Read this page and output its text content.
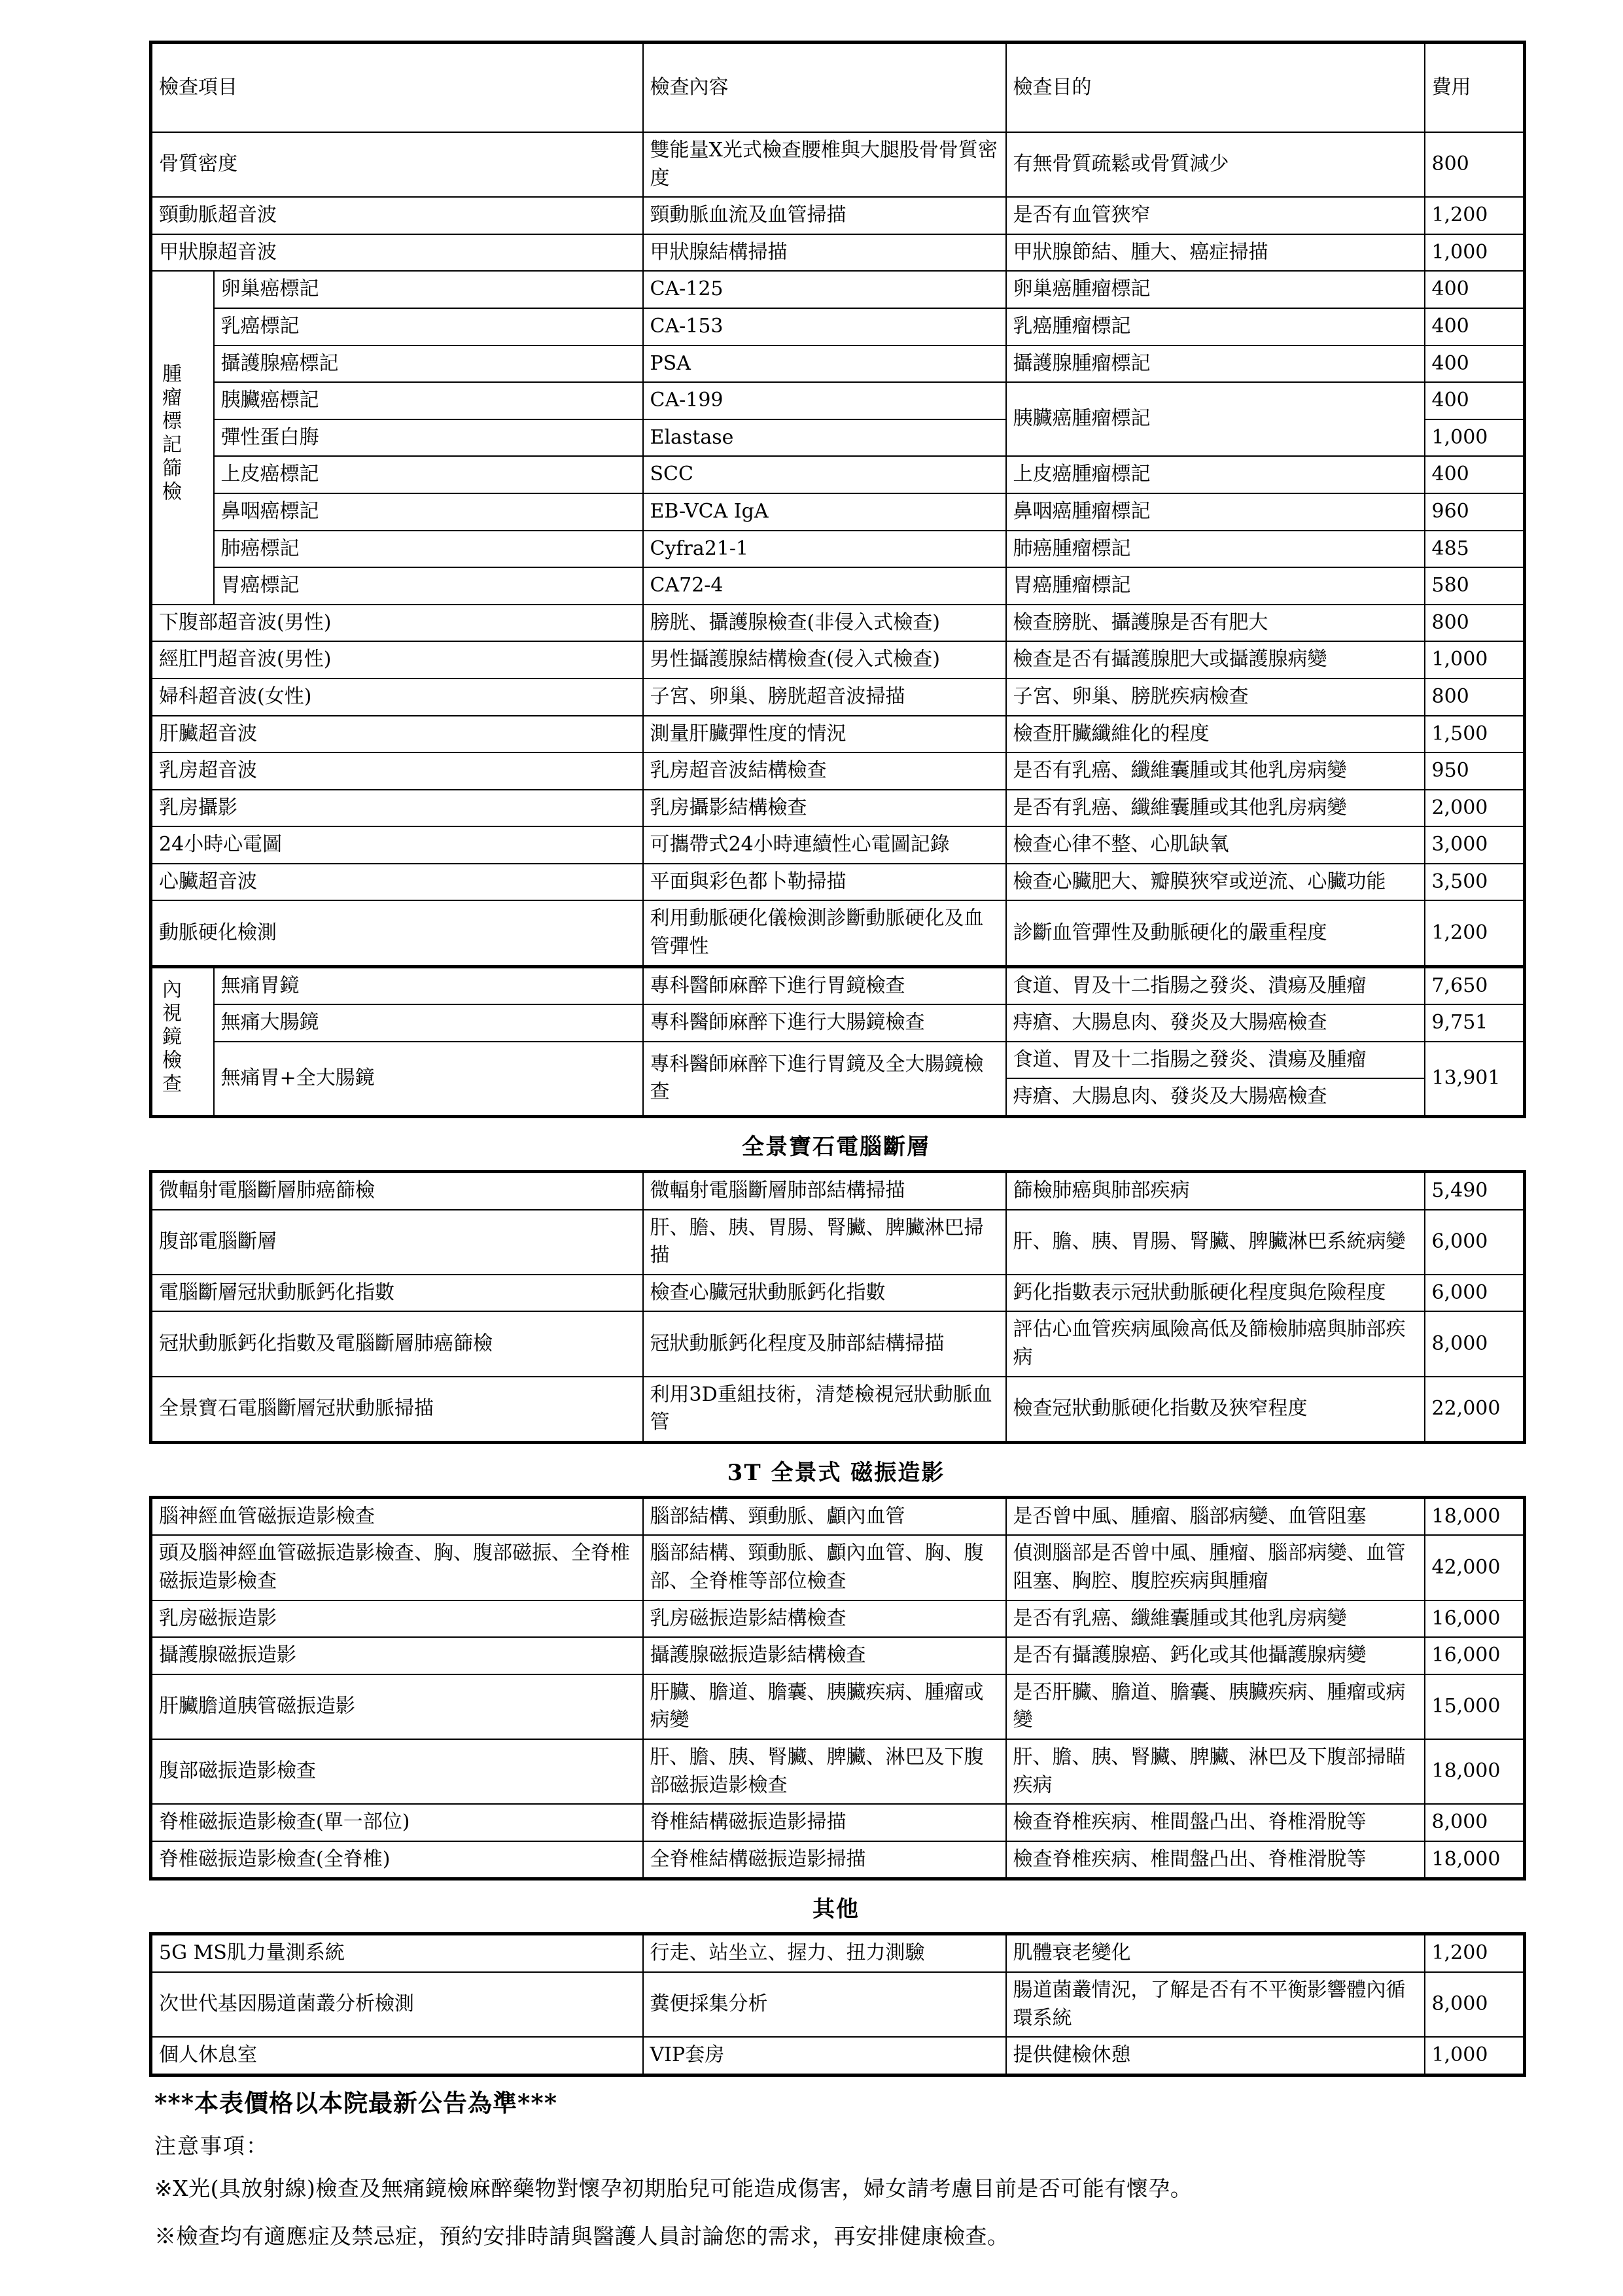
檢查項目		檢查內容	檢查目的	費用
骨質密度		雙能量X光式檢查腰椎與大腿股骨骨質密度	有無骨質疏鬆或骨質減少	800
頸動脈超音波		頸動脈血流及血管掃描	是否有血管狹窄	1,200
甲狀腺超音波		甲狀腺結構掃描	甲狀腺節結、腫大、癌症掃描	1,000
腫瘤標記篩檢	卵巢癌標記	CA-125	卵巢癌腫瘤標記	400
	乳癌標記	CA-153	乳癌腫瘤標記	400
	攝護腺癌標記	PSA	攝護腺腫瘤標記	400
	胰臟癌標記	CA-199	胰臟癌腫瘤標記	400
	彈性蛋白脢	Elastase		1,000
	上皮癌標記	SCC	上皮癌腫瘤標記	400
	鼻咽癌標記	EB-VCA IgA	鼻咽癌腫瘤標記	960
	肺癌標記	Cyfra21-1	肺癌腫瘤標記	485
	胃癌標記	CA72-4	胃癌腫瘤標記	580
下腹部超音波(男性)		膀胱、攝護腺檢查(非侵入式檢查)	檢查膀胱、攝護腺是否有肥大	800
經肛門超音波(男性)		男性攝護腺結構檢查(侵入式檢查)	檢查是否有攝護腺肥大或攝護腺病變	1,000
婦科超音波(女性)		子宮、卵巢、膀胱超音波掃描	子宮、卵巢、膀胱疾病檢查	800
肝臟超音波		測量肝臟彈性度的情況	檢查肝臟纖維化的程度	1,500
乳房超音波		乳房超音波結構檢查	是否有乳癌、纖維囊腫或其他乳房病變	950
乳房攝影		乳房攝影結構檢查	是否有乳癌、纖維囊腫或其他乳房病變	2,000
24小時心電圖		可攜帶式24小時連續性心電圖記錄	檢查心律不整、心肌缺氧	3,000
心臟超音波		平面與彩色都卜勒掃描	檢查心臟肥大、瓣膜狹窄或逆流、心臟功能	3,500
動脈硬化檢測		利用動脈硬化儀檢測診斷動脈硬化及血管彈性	診斷血管彈性及動脈硬化的嚴重程度	1,200
內視鏡檢查	無痛胃鏡	專科醫師麻醉下進行胃鏡檢查	食道、胃及十二指腸之發炎、潰瘍及腫瘤	7,650
	無痛大腸鏡	專科醫師麻醉下進行大腸鏡檢查	痔瘡、大腸息肉、發炎及大腸癌檢查	9,751
	無痛胃+全大腸鏡	專科醫師麻醉下進行胃鏡及全大腸鏡檢查	食道、胃及十二指腸之發炎、潰瘍及腫瘤	13,901
			痔瘡、大腸息肉、發炎及大腸癌檢查	
全景寶石電腦斷層
微輻射電腦斷層肺癌篩檢	微輻射電腦斷層肺部結構掃描	篩檢肺癌與肺部疾病	5,490
腹部電腦斷層	肝、膽、胰、胃腸、腎臟、脾臟淋巴掃描	肝、膽、胰、胃腸、腎臟、脾臟淋巴系統病變	6,000
電腦斷層冠狀動脈鈣化指數	檢查心臟冠狀動脈鈣化指數	鈣化指數表示冠狀動脈硬化程度與危險程度	6,000
冠狀動脈鈣化指數及電腦斷層肺癌篩檢	冠狀動脈鈣化程度及肺部結構掃描	評估心血管疾病風險高低及篩檢肺癌與肺部疾病	8,000
全景寶石電腦斷層冠狀動脈掃描	利用3D重組技術，清楚檢視冠狀動脈血管	檢查冠狀動脈硬化指數及狹窄程度	22,000
3T 全景式 磁振造影
腦神經血管磁振造影檢查	腦部結構、頸動脈、顱內血管	是否曾中風、腫瘤、腦部病變、血管阻塞	18,000
頭及腦神經血管磁振造影檢查、胸、腹部磁振、全脊椎磁振造影檢查	腦部結構、頸動脈、顱內血管、胸、腹部、全脊椎等部位檢查	偵測腦部是否曾中風、腫瘤、腦部病變、血管阻塞、胸腔、腹腔疾病與腫瘤	42,000
乳房磁振造影	乳房磁振造影結構檢查	是否有乳癌、纖維囊腫或其他乳房病變	16,000
攝護腺磁振造影	攝護腺磁振造影結構檢查	是否有攝護腺癌、鈣化或其他攝護腺病變	16,000
肝臟膽道胰管磁振造影	肝臟、膽道、膽囊、胰臟疾病、腫瘤或病變	是否肝臟、膽道、膽囊、胰臟疾病、腫瘤或病變	15,000
腹部磁振造影檢查	肝、膽、胰、腎臟、脾臟、淋巴及下腹部磁振造影檢查	肝、膽、胰、腎臟、脾臟、淋巴及下腹部掃瞄疾病	18,000
脊椎磁振造影檢查(單一部位)	脊椎結構磁振造影掃描	檢查脊椎疾病、椎間盤凸出、脊椎滑脫等	8,000
脊椎磁振造影檢查(全脊椎)	全脊椎結構磁振造影掃描	檢查脊椎疾病、椎間盤凸出、脊椎滑脫等	18,000
其他
5G MS肌力量測系統	行走、站坐立、握力、扭力測驗	肌體衰老變化	1,200
次世代基因腸道菌叢分析檢測	糞便採集分析	腸道菌叢情況，了解是否有不平衡影響體內循環系統	8,000
個人休息室	VIP套房	提供健檢休憩	1,000
***本表價格以本院最新公告為準***
注意事項：
※X光(具放射線)檢查及無痛鏡檢麻醉藥物對懷孕初期胎兒可能造成傷害，婦女請考慮目前是否可能有懷孕。
※檢查均有適應症及禁忌症，預約安排時請與醫護人員討論您的需求，再安排健康檢查。
